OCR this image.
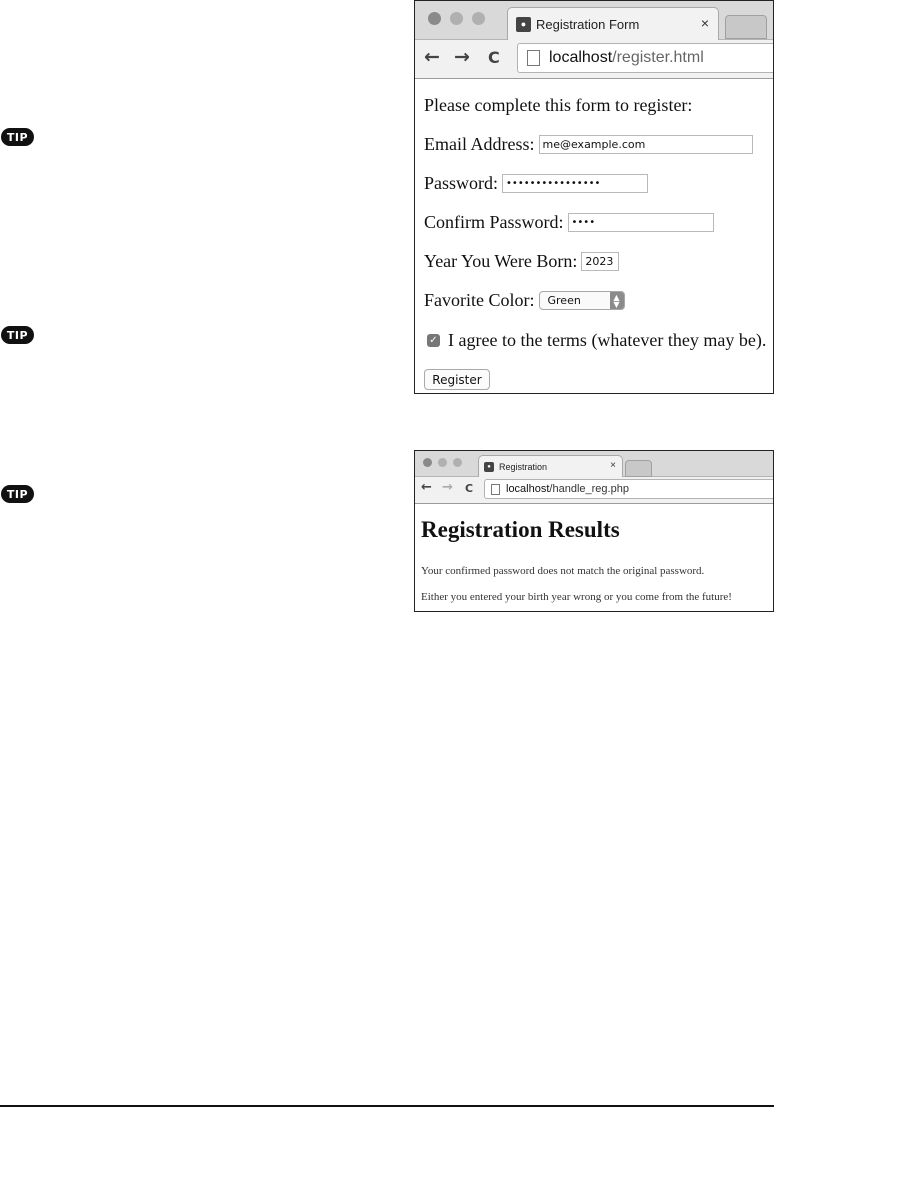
TIP
TIP
TIP
● Registration Form	×
← → C	localhost /register.html
Please complete this form to register:
Email Address: me@example.com
Password: ••••••••••••••••
Confirm Password: ••••
Year You Were Born: 2023
Favorite Color:	Green	▲
▼
✓ I agree to the terms (whatever they may be).
Register
● Registration	×
← → C	localhost /handle_reg.php
Registration Results
Your confirmed password does not match the original password.
Either you entered your birth year wrong or you come from the future!
